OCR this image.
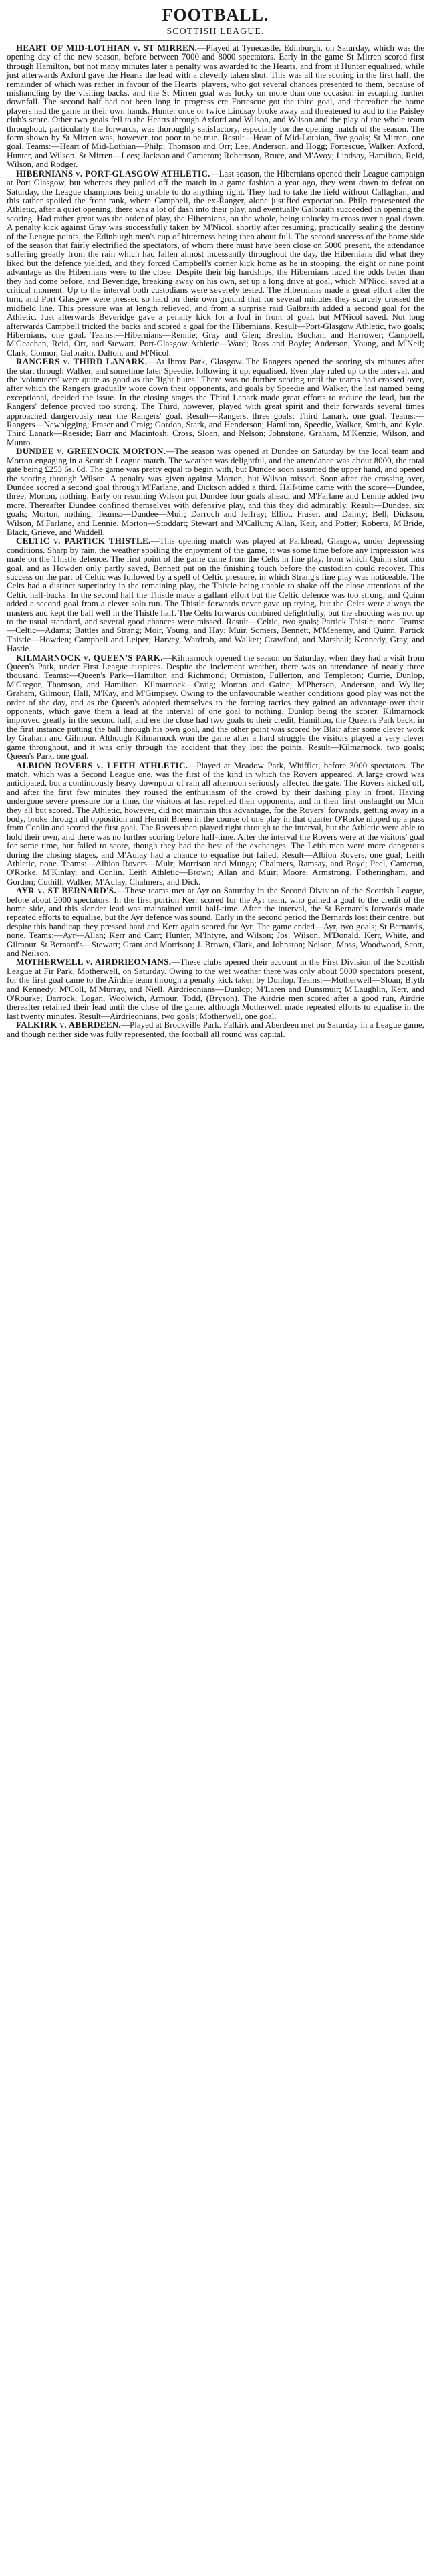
FOOTBALL.
SCOTTISH LEAGUE.

HEART OF MID-LOTHIAN v. ST MIRREN.—Played at Tynecastle, Edinburgh, on Saturday, which was the opening day of the new season, before between 7000 and 8000 spectators. Early in the game St Mirren scored first through Hamilton, but not many minutes later a penalty was awarded to the Hearts, and from it Hunter equalised, while just afterwards Axford gave the Hearts the lead with a cleverly taken shot. This was all the scoring in the first half, the remainder of which was rather in favour of the Hearts' players, who got several chances presented to them, because of mishandling by the visiting backs, and the St Mirren goal was lucky on more than one occasion in escaping further downfall. The second half had not been long in progress ere Fortescue got the third goal, and thereafter the home players had the game in their own hands. Hunter once or twice Lindsay broke away and threatened to add to the Paisley club's score. Other two goals fell to the Hearts through Axford and Wilson, and Wilson and the play of the whole team throughout, particularly the forwards, was thoroughly satisfactory, especially for the opening match of the season. The form shown by St Mirren was, however, too poor to be true. Result—Heart of Mid-Lothian, five goals; St Mirren, one goal. Teams:—Heart of Mid-Lothian—Philp; Thomson and Orr; Lee, Anderson, and Hogg; Fortescue, Walker, Axford, Hunter, and Wilson. St Mirren—Lees; Jackson and Cameron; Robertson, Bruce, and M'Avoy; Lindsay, Hamilton, Reid, Wilson, and Rodger.

HIBERNIANS v. PORT-GLASGOW ATHLETIC.—Last season, the Hibernians opened their League campaign at Port Glasgow, but whereas they pulled off the match in a game fashion a year ago, they went down to defeat on Saturday, the League champions being unable to do anything right. They had to take the field without Callaghan, and this rather spoiled the front rank, where Campbell, the ex-Ranger, alone justified expectation. Philp represented the Athletic, after a quiet opening, there was a lot of dash into their play, and eventually Galbraith succeeded in opening the scoring. Had rather great was the order of play, the Hibernians, on the whole, being unlucky to cross over a goal down. A penalty kick against Gray was successfully taken by M'Nicol, shortly after resuming, practically sealing the destiny of the League points, the Edinburgh men's cup of bitterness being then about full. The second success of the home side of the season that fairly electrified the spectators, of whom there must have been close on 5000 present, the attendance suffering greatly from the rain which had fallen almost incessantly throughout the day, the Hibernians did what they liked but the defence yielded, and they forced Campbell's corner kick home as he in stooping, the eight or nine point advantage as the Hibernians were to the close. Despite their big hardships, the Hibernians faced the odds better than they had come before, and Beveridge, breaking away on his own, set up a long drive at goal, which M'Nicol saved at a critical moment. Up to the interval both custodians were severely tested. The Hibernians made a great effort after the turn, and Port Glasgow were pressed so hard on their own ground that for several minutes they scarcely crossed the midfield line. This pressure was at length relieved, and from a surprise raid Galbraith added a second goal for the Athletic. Just afterwards Beveridge gave a penalty kick for a foul in front of goal, but M'Nicol saved. Not long afterwards Campbell tricked the backs and scored a goal for the Hibernians. Result—Port-Glasgow Athletic, two goals; Hibernians, one goal. Teams:—Hibernians—Rennie; Gray and Glen; Breslin, Buchan, and Harrower; Campbell, M'Geachan, Reid, Orr, and Stewart. Port-Glasgow Athletic—Ward; Ross and Boyle; Anderson, Young, and M'Neil; Clark, Connor, Galbraith, Dalton, and M'Nicol.

RANGERS v. THIRD LANARK.—At Ibrox Park, Glasgow. The Rangers opened the scoring six minutes after the start through Walker, and sometime later Speedie, following it up, equalised. Even play ruled up to the interval, and the 'volunteers' were quite as good as the 'light blues.' There was no further scoring until the teams had crossed over, after which the Rangers gradually wore down their opponents, and goals by Speedie and Walker, the last named being exceptional, decided the issue. In the closing stages the Third Lanark made great efforts to reduce the lead, but the Rangers' defence proved too strong. The Third, however, played with great spirit and their forwards several times approached dangerously near the Rangers' goal. Result—Rangers, three goals; Third Lanark, one goal. Teams:—Rangers—Newbigging; Fraser and Craig; Gordon, Stark, and Henderson; Hamilton, Speedie, Walker, Smith, and Kyle. Third Lanark—Raeside; Barr and Macintosh; Cross, Sloan, and Nelson; Johnstone, Graham, M'Kenzie, Wilson, and Munro.

DUNDEE v. GREENOCK MORTON.—The season was opened at Dundee on Saturday by the local team and Morton engaging in a Scottish League match. The weather was delightful, and the attendance was about 8000, the total gate being £253 6s. 6d. The game was pretty equal to begin with, but Dundee soon assumed the upper hand, and opened the scoring through Wilson. A penalty was given against Morton, but Wilson missed. Soon after the crossing over, Dundee scored a second goal through M'Farlane, and Dickson added a third. Half-time came with the score—Dundee, three; Morton, nothing. Early on resuming Wilson put Dundee four goals ahead, and M'Farlane and Lennie added two more. Thereafter Dundee confined themselves with defensive play, and this they did admirably. Result—Dundee, six goals; Morton, nothing. Teams:—Dundee—Muir; Darroch and Jeffray; Elliot, Fraser, and Dainty; Bell, Dickson, Wilson, M'Farlane, and Lennie. Morton—Stoddart; Stewart and M'Callum; Allan, Keir, and Potter; Roberts, M'Bride, Black, Grieve, and Waddell.

CELTIC v. PARTICK THISTLE.—This opening match was played at Parkhead, Glasgow, under depressing conditions. Sharp by rain, the weather spoiling the enjoyment of the game, it was some time before any impression was made on the Thistle defence. The first point of the game came from the Celts in fine play, from which Quinn shot into goal, and as Howden only partly saved, Bennett put on the finishing touch before the custodian could recover. This success on the part of Celtic was followed by a spell of Celtic pressure, in which Strang's fine play was noticeable. The Celts had a distinct superiority in the remaining play, the Thistle being unable to shake off the close attentions of the Celtic half-backs. In the second half the Thistle made a gallant effort but the Celtic defence was too strong, and Quinn added a second goal from a clever solo run. The Thistle forwards never gave up trying, but the Celts were always the masters and kept the ball well in the Thistle half. The Celts forwards combined delightfully, but the shooting was not up to the usual standard, and several good chances were missed. Result—Celtic, two goals; Partick Thistle, none. Teams:—Celtic—Adams; Battles and Strang; Moir, Young, and Hay; Muir, Somers, Bennett, M'Menemy, and Quinn. Partick Thistle—Howden; Campbell and Leiper; Harvey, Wardrob, and Walker; Crawford, and Marshall; Kennedy, Gray, and Hastie.

KILMARNOCK v. QUEEN'S PARK.—Kilmarnock opened the season on Saturday, when they had a visit from Queen's Park, under First League auspices. Despite the inclement weather, there was an attendance of nearly three thousand. Teams:—Queen's Park—Hamilton and Richmond; Ormiston, Fullerton, and Templeton; Currie, Dunlop, M'Gregor, Thomson, and Hamilton. Kilmarnock—Craig; Morton and Gaine; M'Pherson, Anderson, and Wyllie; Graham, Gilmour, Hall, M'Kay, and M'Gimpsey. Owing to the unfavourable weather conditions good play was not the order of the day, and as the Queen's adopted themselves to the forcing tactics they gained an advantage over their opponents, which gave them a lead at the interval of one goal to nothing. Dunlop being the scorer. Kilmarnock improved greatly in the second half, and ere the close had two goals to their credit, Hamilton, the Queen's Park back, in the first instance putting the ball through his own goal, and the other point was scored by Blair after some clever work by Graham and Gilmour. Although Kilmarnock won the game after a hard struggle the visitors played a very clever game throughout, and it was only through the accident that they lost the points. Result—Kilmarnock, two goals; Queen's Park, one goal.

ALBION ROVERS v. LEITH ATHLETIC.—Played at Meadow Park, Whifflet, before 3000 spectators. The match, which was a Second League one, was the first of the kind in which the Rovers appeared. A large crowd was anticipated, but a continuously heavy downpour of rain all afternoon seriously affected the gate. The Rovers kicked off, and after the first few minutes they roused the enthusiasm of the crowd by their dashing play in front. Having undergone severe pressure for a time, the visitors at last repelled their opponents, and in their first onslaught on Muir they all but scored. The Athletic, however, did not maintain this advantage, for the Rovers' forwards, getting away in a body, broke through all opposition and Hermit Breen in the course of one play in that quarter O'Rorke nipped up a pass from Conlin and scored the first goal. The Rovers then played right through to the interval, but the Athletic were able to hold their own, and there was no further scoring before half-time. After the interval the Rovers were at the visitors' goal for some time, but failed to score, though they had the best of the exchanges. The Leith men were more dangerous during the closing stages, and M'Aulay had a chance to equalise but failed. Result—Albion Rovers, one goal; Leith Athletic, none. Teams:—Albion Rovers—Muir; Morrison and Mungo; Chalmers, Ramsay, and Boyd; Peel, Cameron, O'Rorke, M'Kinlay, and Conlin. Leith Athletic—Brown; Allan and Muir; Moore, Armstrong, Fotheringham, and Gordon; Cuthill, Walker, M'Aulay, Chalmers, and Dick.

AYR v. ST BERNARD'S.—These teams met at Ayr on Saturday in the Second Division of the Scottish League, before about 2000 spectators. In the first portion Kerr scored for the Ayr team, who gained a goal to the credit of the home side, and this slender lead was maintained until half-time. After the interval, the St Bernard's forwards made repeated efforts to equalise, but the Ayr defence was sound. Early in the second period the Bernards lost their centre, but despite this handicap they pressed hard and Kerr again scored for Ayr. The game ended—Ayr, two goals; St Bernard's, none. Teams:—Ayr—Allan; Kerr and Carr; Hunter, M'Intyre, and Wilson; Jos. Wilson, M'Donald, Kerr, White, and Gilmour. St Bernard's—Stewart; Grant and Morrison; J. Brown, Clark, and Johnston; Nelson, Moss, Woodwood, Scott, and Neilson.

MOTHERWELL v. AIRDRIEONIANS.—These clubs opened their account in the First Division of the Scottish League at Fir Park, Motherwell, on Saturday. Owing to the wet weather there was only about 5000 spectators present, for the first goal came to the Airdrie team through a penalty kick taken by Dunlop. Teams:—Motherwell—Sloan; Blyth and Kennedy; M'Coll, M'Murray, and Niell. Airdrieonians—Dunlop; M'Laren and Dunsmuir; M'Laughlin, Kerr, and O'Rourke; Darrock, Logan, Woolwich, Armour, Todd, (Bryson). The Airdrie men scored after a good run, Airdrie thereafter retained their lead until the close of the game, although Motherwell made repeated efforts to equalise in the last twenty minutes. Result—Airdrieonians, two goals; Motherwell, one goal.

FALKIRK v. ABERDEEN.—Played at Brockville Park. Falkirk and Aberdeen met on Saturday in a League game, and though neither side was fully represented, the football all round was capital.
